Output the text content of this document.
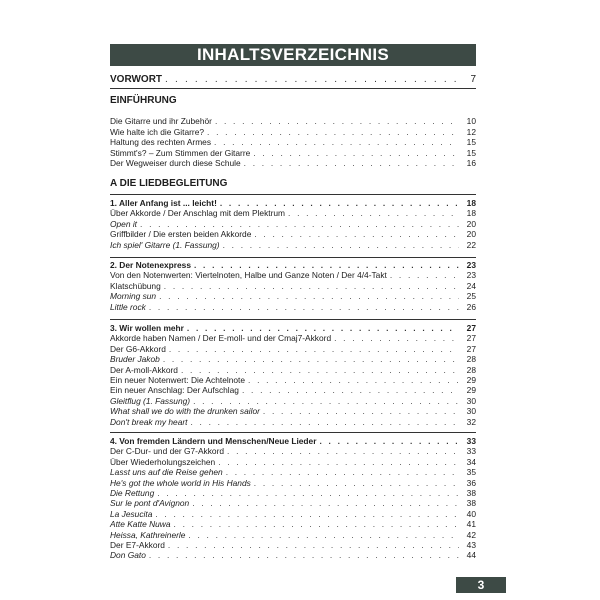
INHALTSVERZEICHNIS
VORWORT . . .	7
EINFÜHRUNG
Die Gitarre und ihr Zubehör . . .	10
Wie halte ich die Gitarre? . . .	12
Haltung des rechten Armes . . .	15
Stimmt's? – Zum Stimmen der Gitarre . . .	15
Der Wegweiser durch diese Schule . . .	16
A DIE LIEDBEGLEITUNG
1. Aller Anfang ist ... leicht! . . .	18
Über Akkorde / Der Anschlag mit dem Plektrum . . .	18
Open it . . .	20
Griffbilder / Die ersten beiden Akkorde . . .	20
Ich spiel' Gitarre (1. Fassung) . . .	22
2. Der Notenexpress . . .	23
Von den Notenwerten: Viertelnoten, Halbe und Ganze Noten / Der 4/4-Takt . . .	23
Klatschübung . . .	24
Morning sun . . .	25
Little rock . . .	26
3. Wir wollen mehr . . .	27
Akkorde haben Namen / Der E-moll- und der Cmaj7-Akkord . . .	27
Der G6-Akkord . . .	27
Bruder Jakob . . .	28
Der A-moll-Akkord . . .	28
Ein neuer Notenwert: Die Achtelnote . . .	29
Ein neuer Anschlag: Der Aufschlag . . .	29
Gleitflug (1. Fassung) . . .	30
What shall we do with the drunken sailor . . .	30
Don't break my heart . . .	32
4. Von fremden Ländern und Menschen/Neue Lieder . . .	33
Der C-Dur- und der G7-Akkord . . .	33
Über Wiederholungszeichen . . .	34
Lasst uns auf die Reise gehen . . .	35
He's got the whole world in His Hands . . .	36
Die Rettung . . .	38
Sur le pont d'Avignon . . .	38
La Jesucita . . .	40
Atte Katte Nuwa . . .	41
Heissa, Kathreinerle . . .	42
Der E7-Akkord . . .	43
Don Gato . . .	44
3
